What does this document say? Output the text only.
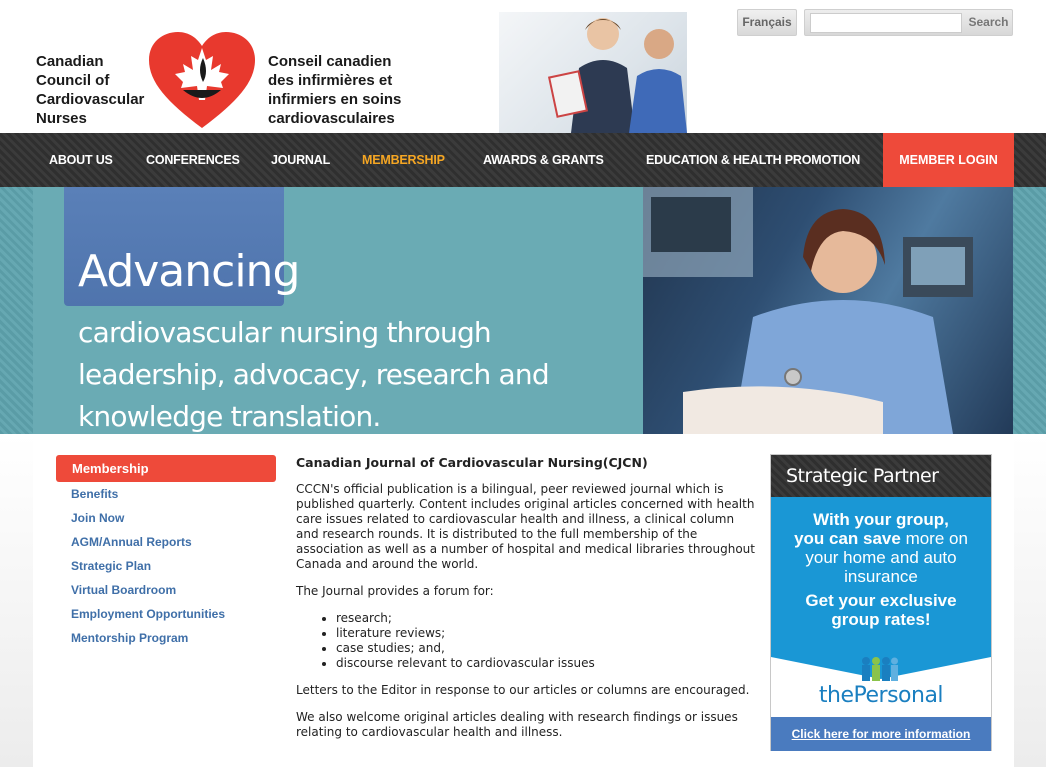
Canadian
Council of
Cardiovascular
Nurses
Conseil canadien
des infirmières et
infirmiers en soins
cardiovasculaires
Français	Search
ABOUT US	CONFERENCES	JOURNAL	MEMBERSHIP	AWARDS & GRANTS	EDUCATION & HEALTH PROMOTION	MEMBER LOGIN
Advancing
cardiovascular nursing through leadership, advocacy, research and knowledge translation.
Membership
Benefits
Join Now
AGM/Annual Reports
Strategic Plan
Virtual Boardroom
Employment Opportunities
Mentorship Program
Canadian Journal of Cardiovascular Nursing(CJCN)

CCCN's official publication is a bilingual, peer reviewed journal which is published quarterly. Content includes original articles concerned with health care issues related to cardiovascular health and illness, a clinical column and research rounds. It is distributed to the full membership of the association as well as a number of hospital and medical libraries throughout Canada and around the world.

The Journal provides a forum for:

• research;
• literature reviews;
• case studies; and,
• discourse relevant to cardiovascular issues

Letters to the Editor in response to our articles or columns are encouraged.

We also welcome original articles dealing with research findings or issues relating to cardiovascular health and illness.

Strategic Partner
With your group,
you can save more on
your home and auto
insurance
Get your exclusive
group rates!
thePersonal
Click here for more information
